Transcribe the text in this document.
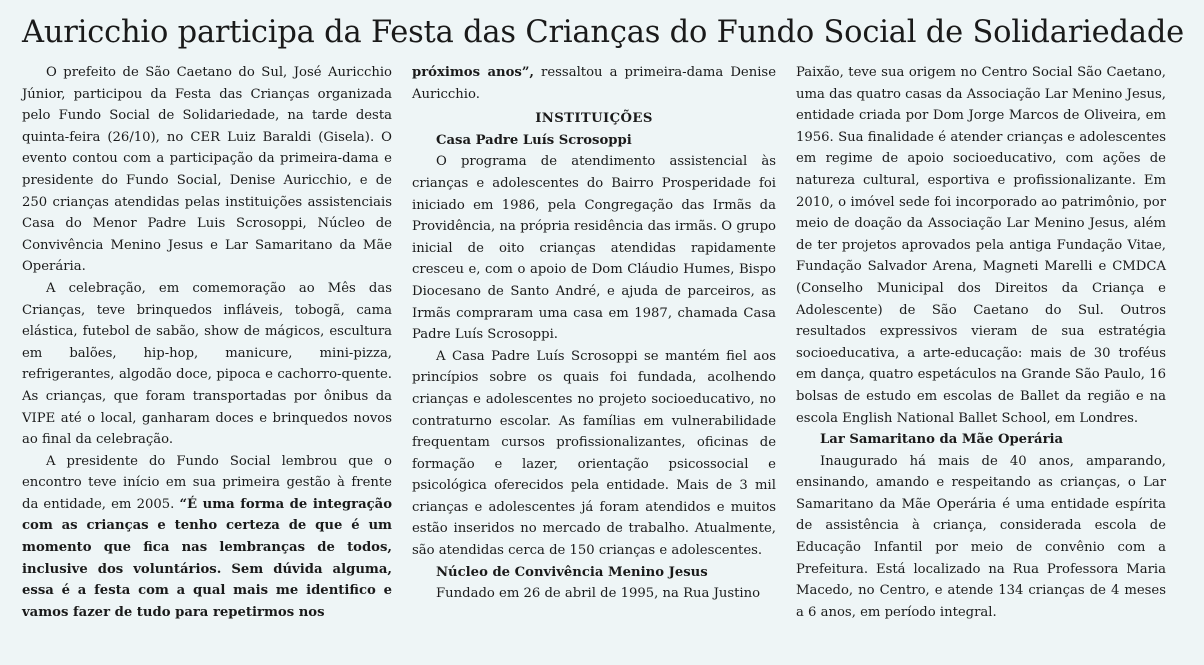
Auricchio participa da Festa das Crianças do Fundo Social de Solidariedade

O prefeito de São Caetano do Sul, José Auricchio Júnior, participou da Festa das Crianças organizada pelo Fundo Social de Solidariedade, na tarde desta quinta-feira (26/10), no CER Luiz Baraldi (Gisela). O evento contou com a participação da primeira-dama e presidente do Fundo Social, Denise Auricchio, e de 250 crianças atendidas pelas instituições assistenciais Casa do Menor Padre Luis Scrosoppi, Núcleo de Convivência Menino Jesus e Lar Samaritano da Mãe Operária.

A celebração, em comemoração ao Mês das Crianças, teve brinquedos infláveis, tobogã, cama elástica, futebol de sabão, show de mágicos, escultura em balões, hip-hop, manicure, mini-pizza, refrigerantes, algodão doce, pipoca e cachorro-quente. As crianças, que foram transportadas por ônibus da VIPE até o local, ganharam doces e brinquedos novos ao final da celebração.

A presidente do Fundo Social lembrou que o encontro teve início em sua primeira gestão à frente da entidade, em 2005. “É uma forma de integração com as crianças e tenho certeza de que é um momento que fica nas lembranças de todos, inclusive dos voluntários. Sem dúvida alguma, essa é a festa com a qual mais me identifico e vamos fazer de tudo para repetirmos nos

próximos anos”, ressaltou a primeira-dama Denise Auricchio.

INSTITUIÇÕES

Casa Padre Luís Scrosoppi

O programa de atendimento assistencial às crianças e adolescentes do Bairro Prosperidade foi iniciado em 1986, pela Congregação das Irmãs da Providência, na própria residência das irmãs. O grupo inicial de oito crianças atendidas rapidamente cresceu e, com o apoio de Dom Cláudio Humes, Bispo Diocesano de Santo André, e ajuda de parceiros, as Irmãs compraram uma casa em 1987, chamada Casa Padre Luís Scrosoppi.

A Casa Padre Luís Scrosoppi se mantém fiel aos princípios sobre os quais foi fundada, acolhendo crianças e adolescentes no projeto socioeducativo, no contraturno escolar. As famílias em vulnerabilidade frequentam cursos profissionalizantes, oficinas de formação e lazer, orientação psicossocial e psicológica oferecidos pela entidade. Mais de 3 mil crianças e adolescentes já foram atendidos e muitos estão inseridos no mercado de trabalho. Atualmente, são atendidas cerca de 150 crianças e adolescentes.

Núcleo de Convivência Menino Jesus

Fundado em 26 de abril de 1995, na Rua Justino

Paixão, teve sua origem no Centro Social São Caetano, uma das quatro casas da Associação Lar Menino Jesus, entidade criada por Dom Jorge Marcos de Oliveira, em 1956. Sua finalidade é atender crianças e adolescentes em regime de apoio socioeducativo, com ações de natureza cultural, esportiva e profissionalizante. Em 2010, o imóvel sede foi incorporado ao patrimônio, por meio de doação da Associação Lar Menino Jesus, além de ter projetos aprovados pela antiga Fundação Vitae, Fundação Salvador Arena, Magneti Marelli e CMDCA (Conselho Municipal dos Direitos da Criança e Adolescente) de São Caetano do Sul. Outros resultados expressivos vieram de sua estratégia socioeducativa, a arte-educação: mais de 30 troféus em dança, quatro espetáculos na Grande São Paulo, 16 bolsas de estudo em escolas de Ballet da região e na escola English National Ballet School, em Londres.

Lar Samaritano da Mãe Operária

Inaugurado há mais de 40 anos, amparando, ensinando, amando e respeitando as crianças, o Lar Samaritano da Mãe Operária é uma entidade espírita de assistência à criança, considerada escola de Educação Infantil por meio de convênio com a Prefeitura. Está localizado na Rua Professora Maria Macedo, no Centro, e atende 134 crianças de 4 meses a 6 anos, em período integral.
